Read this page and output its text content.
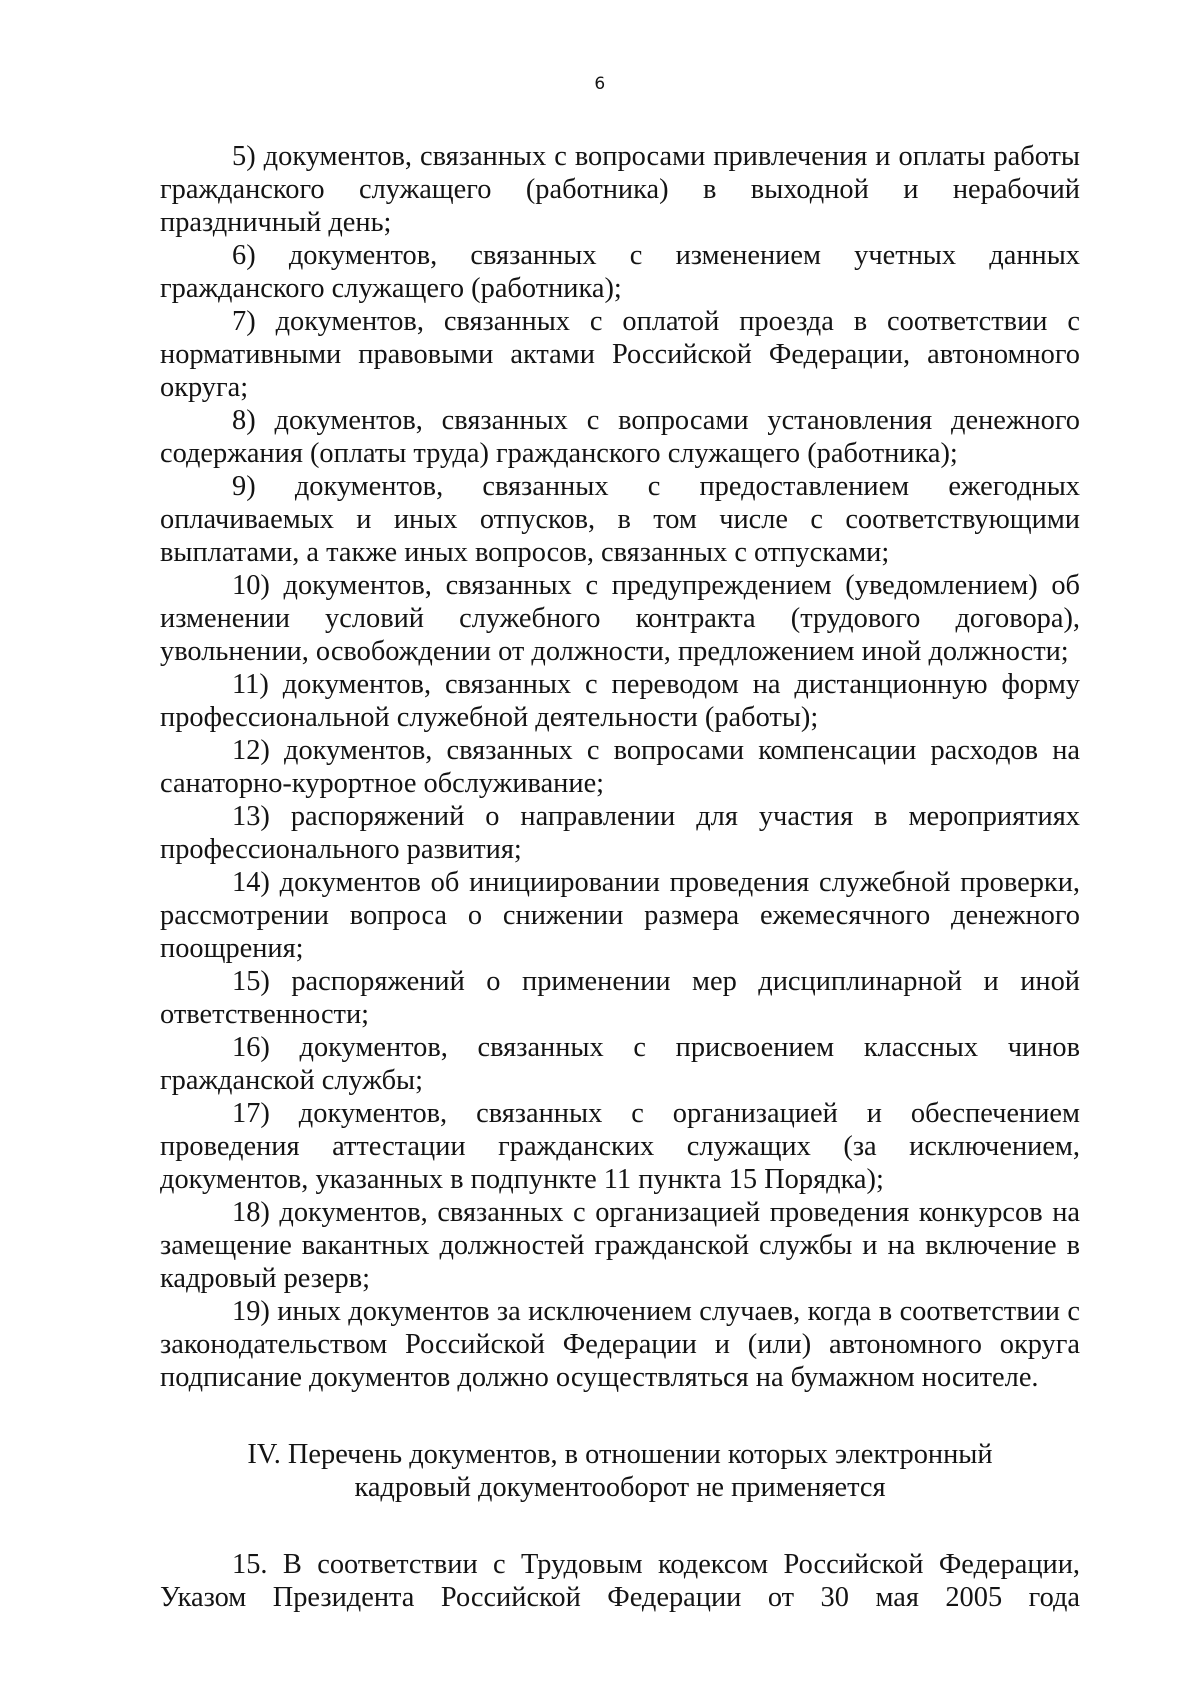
6

5) документов, связанных с вопросами привлечения и оплаты работы гражданского служащего (работника) в выходной и нерабочий праздничный день;

6) документов, связанных с изменением учетных данных гражданского служащего (работника);

7) документов, связанных с оплатой проезда в соответствии с нормативными правовыми актами Российской Федерации, автономного округа;

8) документов, связанных с вопросами установления денежного содержания (оплаты труда) гражданского служащего (работника);

9) документов, связанных с предоставлением ежегодных оплачиваемых и иных отпусков, в том числе с соответствующими выплатами, а также иных вопросов, связанных с отпусками;

10) документов, связанных с предупреждением (уведомлением) об изменении условий служебного контракта (трудового договора), увольнении, освобождении от должности, предложением иной должности;

11) документов, связанных с переводом на дистанционную форму профессиональной служебной деятельности (работы);

12) документов, связанных с вопросами компенсации расходов на санаторно-курортное обслуживание;

13) распоряжений о направлении для участия в мероприятиях профессионального развития;

14) документов об инициировании проведения служебной проверки, рассмотрении вопроса о снижении размера ежемесячного денежного поощрения;

15) распоряжений о применении мер дисциплинарной и иной ответственности;

16) документов, связанных с присвоением классных чинов гражданской службы;

17) документов, связанных с организацией и обеспечением проведения аттестации гражданских служащих (за исключением, документов, указанных в подпункте 11 пункта 15 Порядка);

18) документов, связанных с организацией проведения конкурсов на замещение вакантных должностей гражданской службы и на включение в кадровый резерв;

19) иных документов за исключением случаев, когда в соответствии с законодательством Российской Федерации и (или) автономного округа подписание документов должно осуществляться на бумажном носителе.

IV. Перечень документов, в отношении которых электронный
кадровый документооборот не применяется

15. В соответствии с Трудовым кодексом Российской Федерации, Указом Президента Российской Федерации от 30 мая 2005 года
